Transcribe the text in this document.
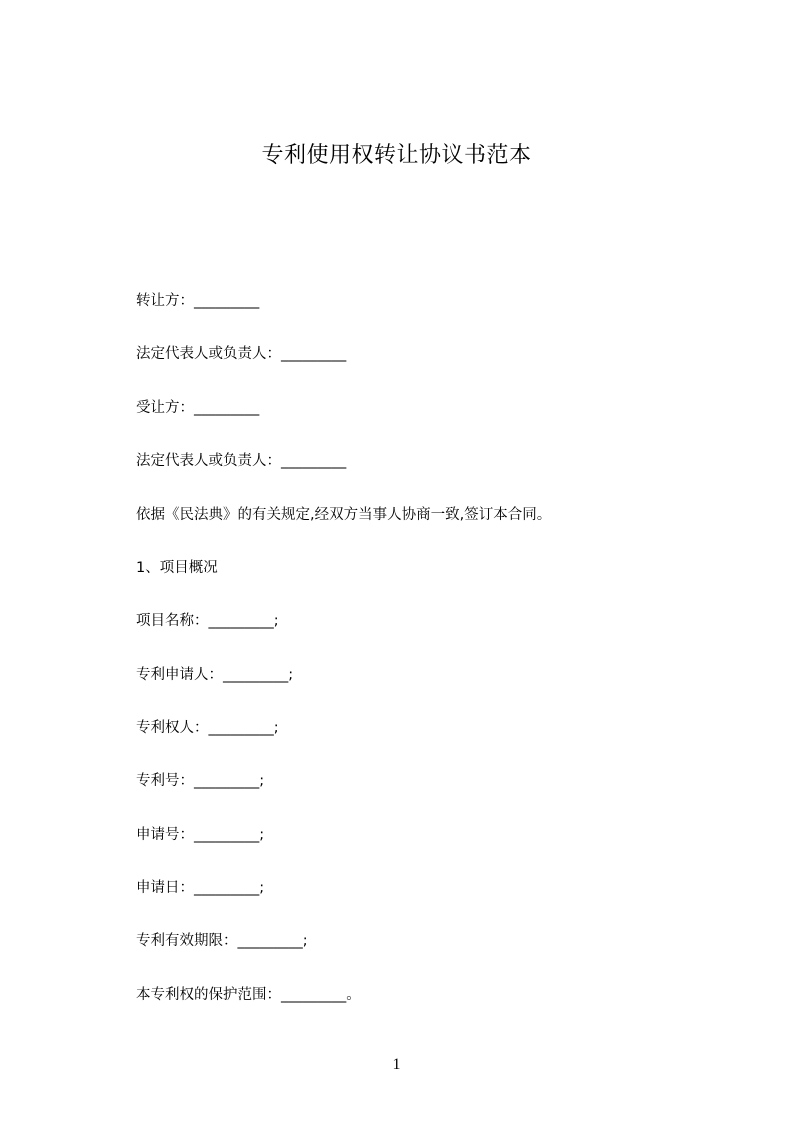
专利使用权转让协议书范本
转让方：_________
法定代表人或负责人：_________
受让方：_________
法定代表人或负责人：_________
依据《民法典》的有关规定,经双方当事人协商一致,签订本合同。
1、项目概况
项目名称：_________;
专利申请人：_________;
专利权人：_________;
专利号：_________;
申请号：_________;
申请日：_________;
专利有效期限：_________;
本专利权的保护范围：_________。
1
